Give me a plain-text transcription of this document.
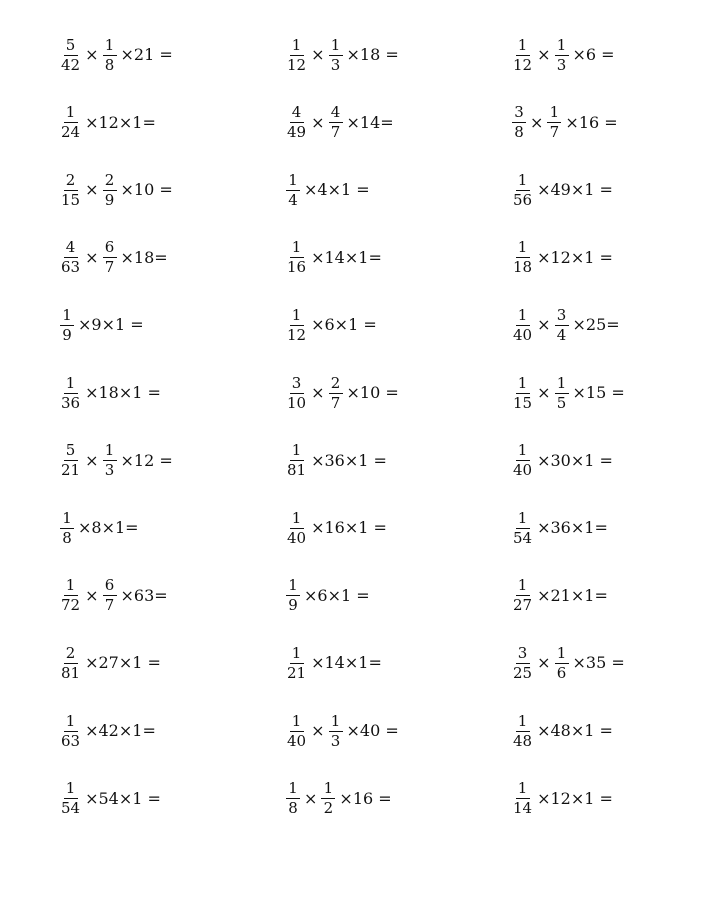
$\frac{5}{42} \times \frac{1}{8} \times 21$ =	$\frac{1}{12} \times \frac{1}{3} \times 18$ =	$\frac{1}{12} \times \frac{1}{3} \times 6$ =
$\frac{1}{24} \times 12\times 1=$	$\frac{4}{49} \times \frac{4}{7} \times 14=$	$\frac{3}{8} \times \frac{1}{7} \times 16$ =
$\frac{2}{15} \times \frac{2}{9} \times 10$ =	$\frac{1}{4} \times 4\times 1$ =	$\frac{1}{56} \times 49\times 1$ =
$\frac{4}{63} \times \frac{6}{7} \times 18=$	$\frac{1}{16} \times 14\times 1=$	$\frac{1}{18} \times 12\times 1$ =
$\frac{1}{9} \times 9\times 1$ =	$\frac{1}{12} \times 6\times 1$ =	$\frac{1}{40} \times \frac{3}{4} \times 25=$
$\frac{1}{36} \times 18\times 1$ =	$\frac{3}{10} \times \frac{2}{7} \times 10$ =	$\frac{1}{15} \times \frac{1}{5} \times 15$ =
$\frac{5}{21} \times \frac{1}{3} \times 12$ =	$\frac{1}{81} \times 36\times 1$ =	$\frac{1}{40} \times 30\times 1$ =
$\frac{1}{8} \times 8\times 1=$	$\frac{1}{40} \times 16\times 1$ =	$\frac{1}{54} \times 36\times 1=$
$\frac{1}{72} \times \frac{6}{7} \times 63=$	$\frac{1}{9} \times 6\times 1$ =	$\frac{1}{27} \times 21\times 1=$
$\frac{2}{81} \times 27\times 1$ =	$\frac{1}{21} \times 14\times 1=$	$\frac{3}{25} \times \frac{1}{6} \times 35$ =
$\frac{1}{63} \times 42\times 1=$	$\frac{1}{40} \times \frac{1}{3} \times 40$ =	$\frac{1}{48} \times 48\times 1$ =
$\frac{1}{54} \times 54\times 1$ =	$\frac{1}{8} \times \frac{1}{2} \times 16$ =	$\frac{1}{14} \times 12\times 1$ =
